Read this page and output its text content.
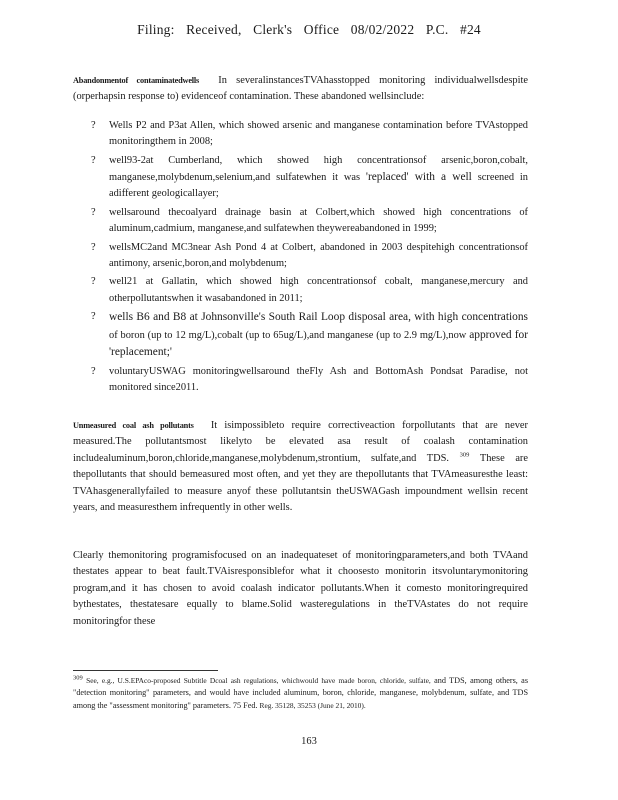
Filing: Received, Clerk's Office 08/02/2022 P.C. #24

Abandonmentof contaminatedwells In severalinstancesTVAhasstopped monitoring individualwellsdespite (orperhapsin response to) evidenceof contamination. These abandoned wellsinclude:

? Wells P2 and P3at Allen, which showed arsenic and manganese contamination before TVAstopped monitoringthem in 2008;
? well93-2at Cumberland, which showed high concentrationsof arsenic,boron,cobalt, manganese,molybdenum,selenium,and sulfatewhen it was 'replaced' with a well screened in adifferent geologicallayer;
? wellsaround thecoalyard drainage basin at Colbert,which showed high concentrations of aluminum,cadmium, manganese,and sulfatewhen theywereabandoned in 1999;
? wellsMC2and MC3near Ash Pond 4 at Colbert, abandoned in 2003 despitehigh concentrationsof antimony, arsenic,boron,and molybdenum;
? well21 at Gallatin, which showed high concentrationsof cobalt, manganese,mercury and otherpollutantswhen it wasabandoned in 2011;
? wells B6 and B8 at Johnsonville's South Rail Loop disposal area, with high concentrations of boron (up to 12 mg/L),cobalt (up to 65ug/L),and manganese (up to 2.9 mg/L),now approved for 'replacement;'
? voluntaryUSWAG monitoringwellsaround theFly Ash and BottomAsh Pondsat Paradise, not monitored since2011.

Unmeasured coal ash pollutants It isimpossibleto require correctiveaction forpollutants that are never measured.The pollutantsmost likelyto be elevated asa result of coalash contamination includealuminum,boron,chloride,manganese,molybdenum,strontium, sulfate,and TDS. $^{309}$ These are thepollutants that should bemeasured most often, and yet they are thepollutants that TVAmeasuresthe least: TVAhasgenerallyfailed to measure anyof these pollutantsin theUSWAGash impoundment wellsin recent years, and measuresthem infrequently in other wells.

Clearly themonitoring programisfocused on an inadequateset of monitoringparameters,and both TVAand thestates appear to beat fault.TVAisresponsiblefor what it choosesto monitorin itsvoluntarymonitoring program,and it has chosen to avoid coalash indicator pollutants.When it comesto monitoringrequired bythestates, thestatesare equally to blame.Solid wasteregulations in theTVAstates do not require monitoringfor these

$^{309}$ See, e.g., U.S.EPAco-proposed Subtitle Dcoal ash regulations, whichwould have made boron, chloride, sulfate, and TDS, among others, as "detection monitoring" parameters, and would have included aluminum, boron, chloride, manganese, molybdenum, sulfate, and TDS among the "assessment monitoring" parameters. 75 Fed. Reg. 35128, 35253 (June 21, 2010).
163
